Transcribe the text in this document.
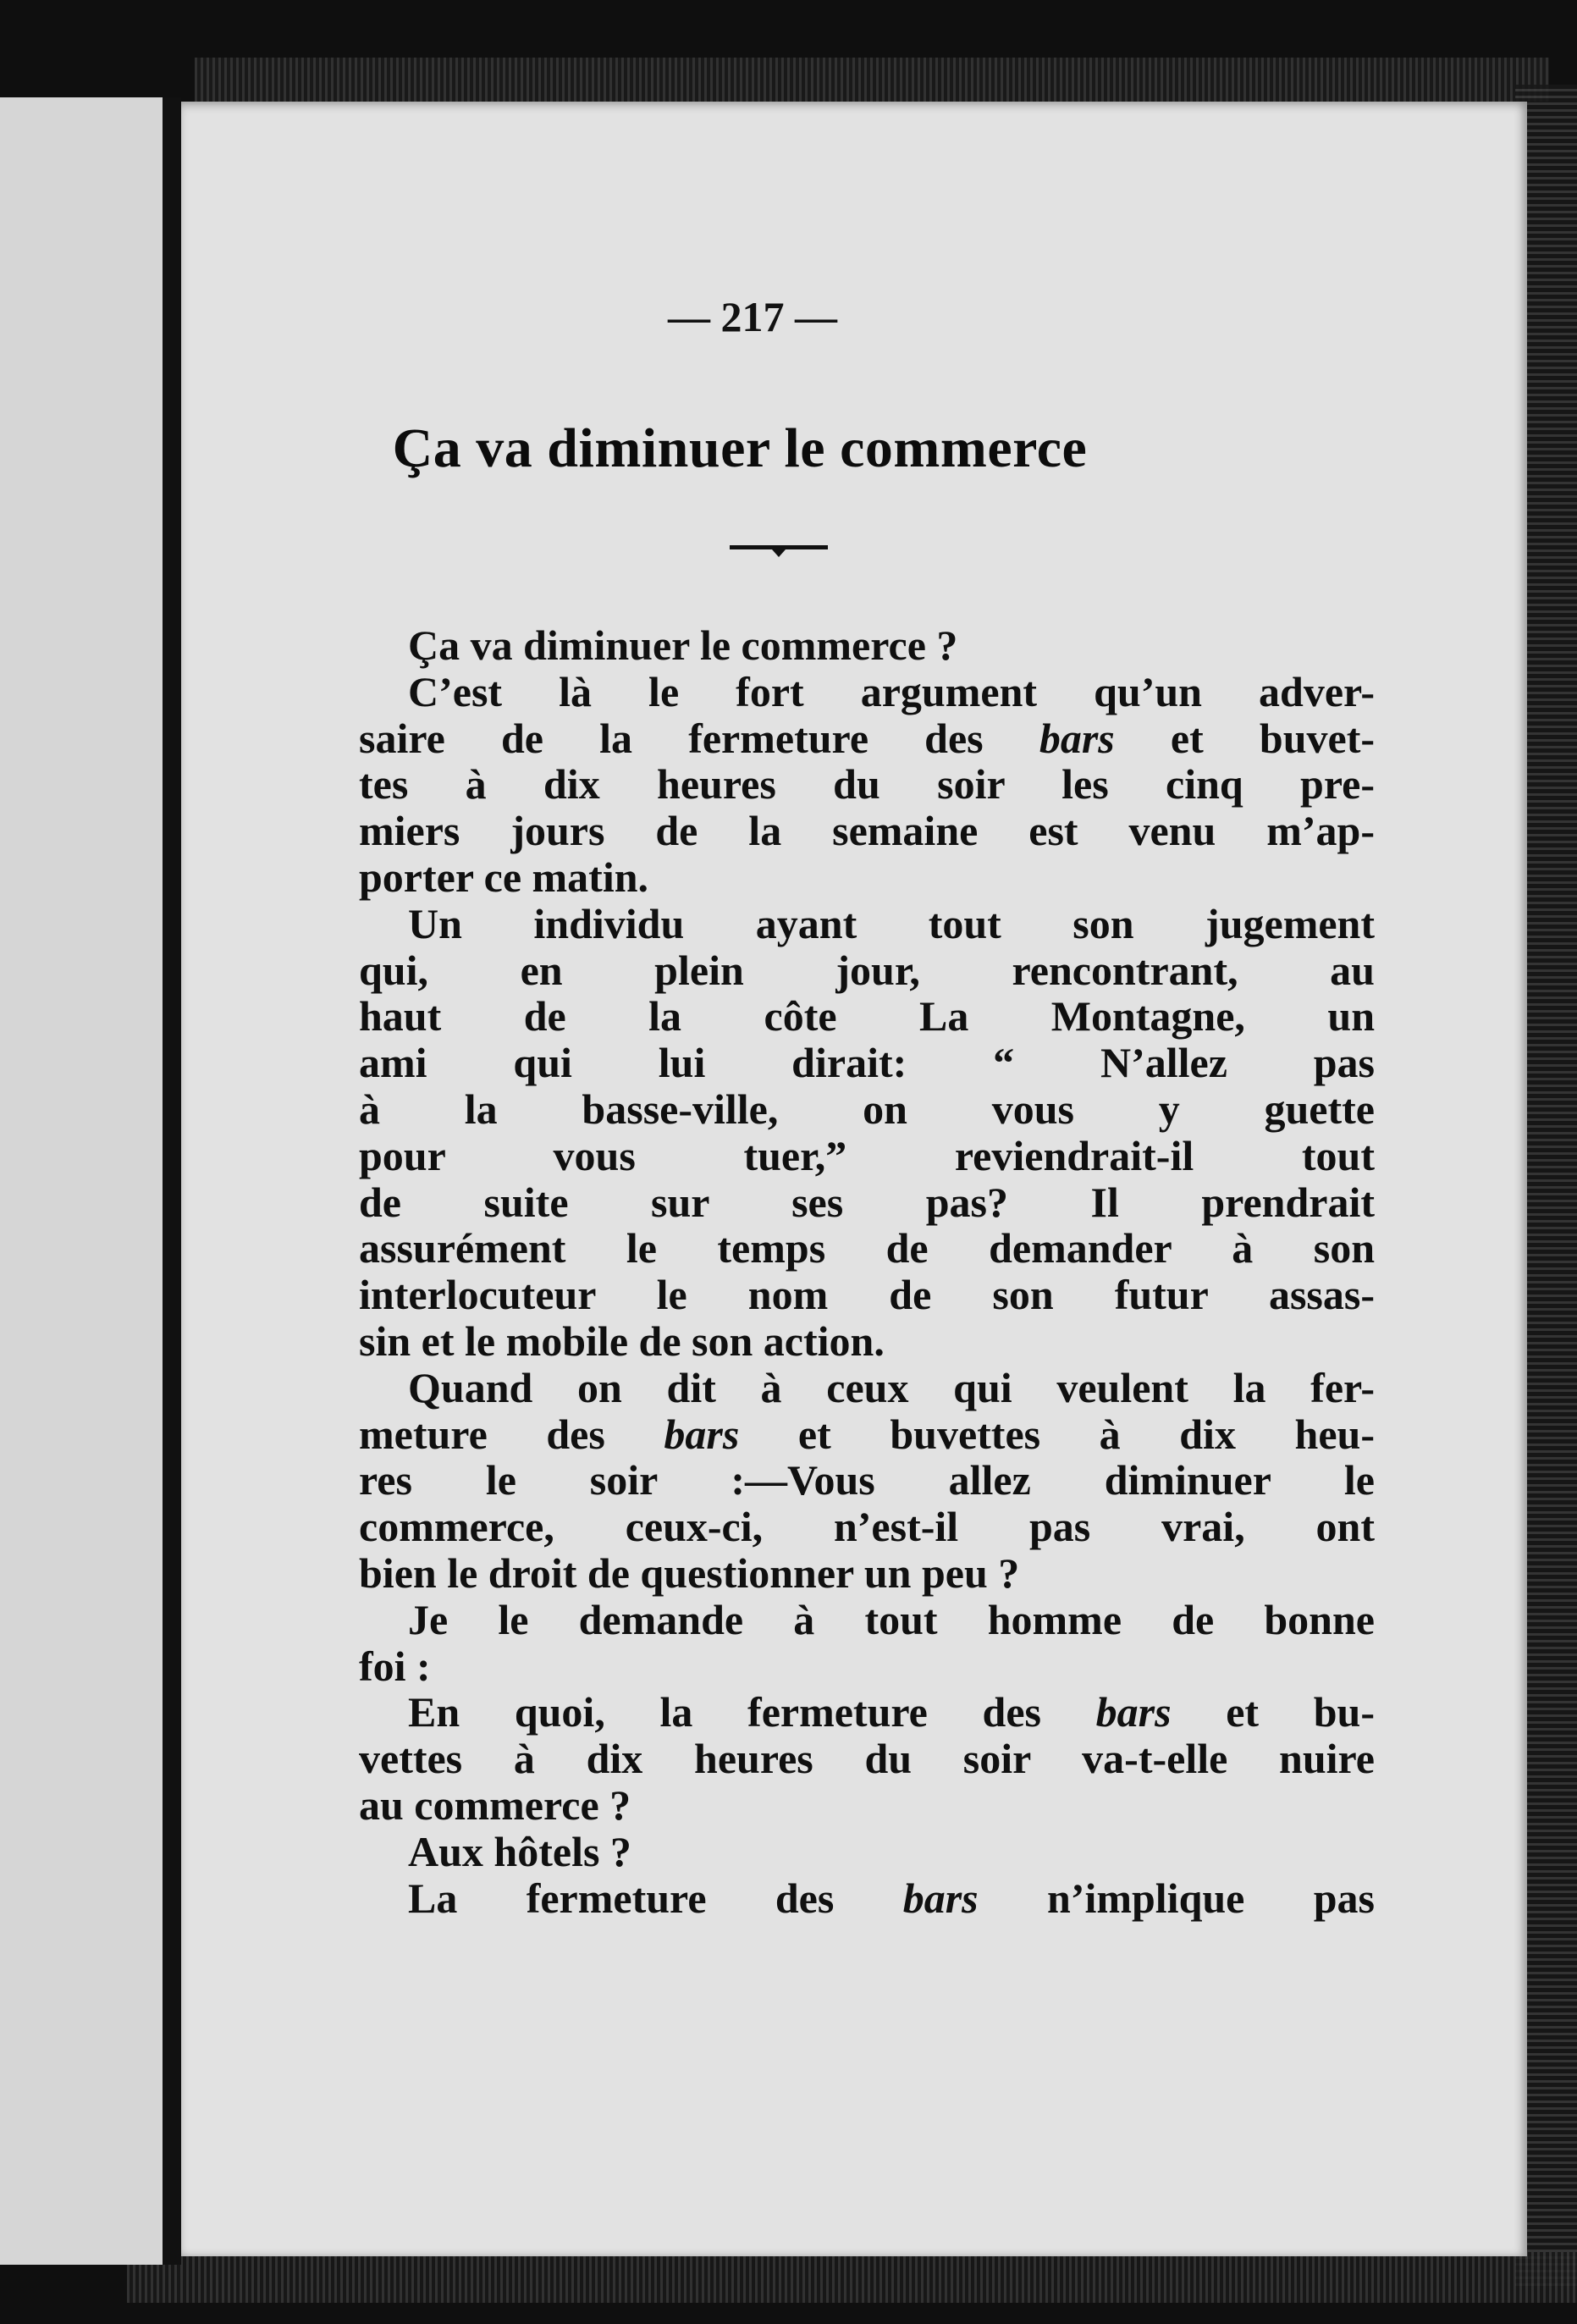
— 217 —
Ça va diminuer le commerce
Ça va diminuer le commerce ?
C’est là le fort argument qu’un adver-
saire de la fermeture des bars et buvet-
tes à dix heures du soir les cinq pre-
miers jours de la semaine est venu m’ap-
porter ce matin.
Un individu ayant tout son jugement
qui, en plein jour, rencontrant, au
haut de la côte La Montagne, un
ami qui lui dirait: “ N’allez pas
à la basse-ville, on vous y guette
pour vous tuer,” reviendrait-il tout
de suite sur ses pas? Il prendrait
assurément le temps de demander à son
interlocuteur le nom de son futur assas-
sin et le mobile de son action.
Quand on dit à ceux qui veulent la fer-
meture des bars et buvettes à dix heu-
res le soir :—Vous allez diminuer le
commerce, ceux-ci, n’est-il pas vrai, ont
bien le droit de questionner un peu ?
Je le demande à tout homme de bonne
foi :
En quoi, la fermeture des bars et bu-
vettes à dix heures du soir va-t-elle nuire
au commerce ?
Aux hôtels ?
La fermeture des bars n’implique pas
